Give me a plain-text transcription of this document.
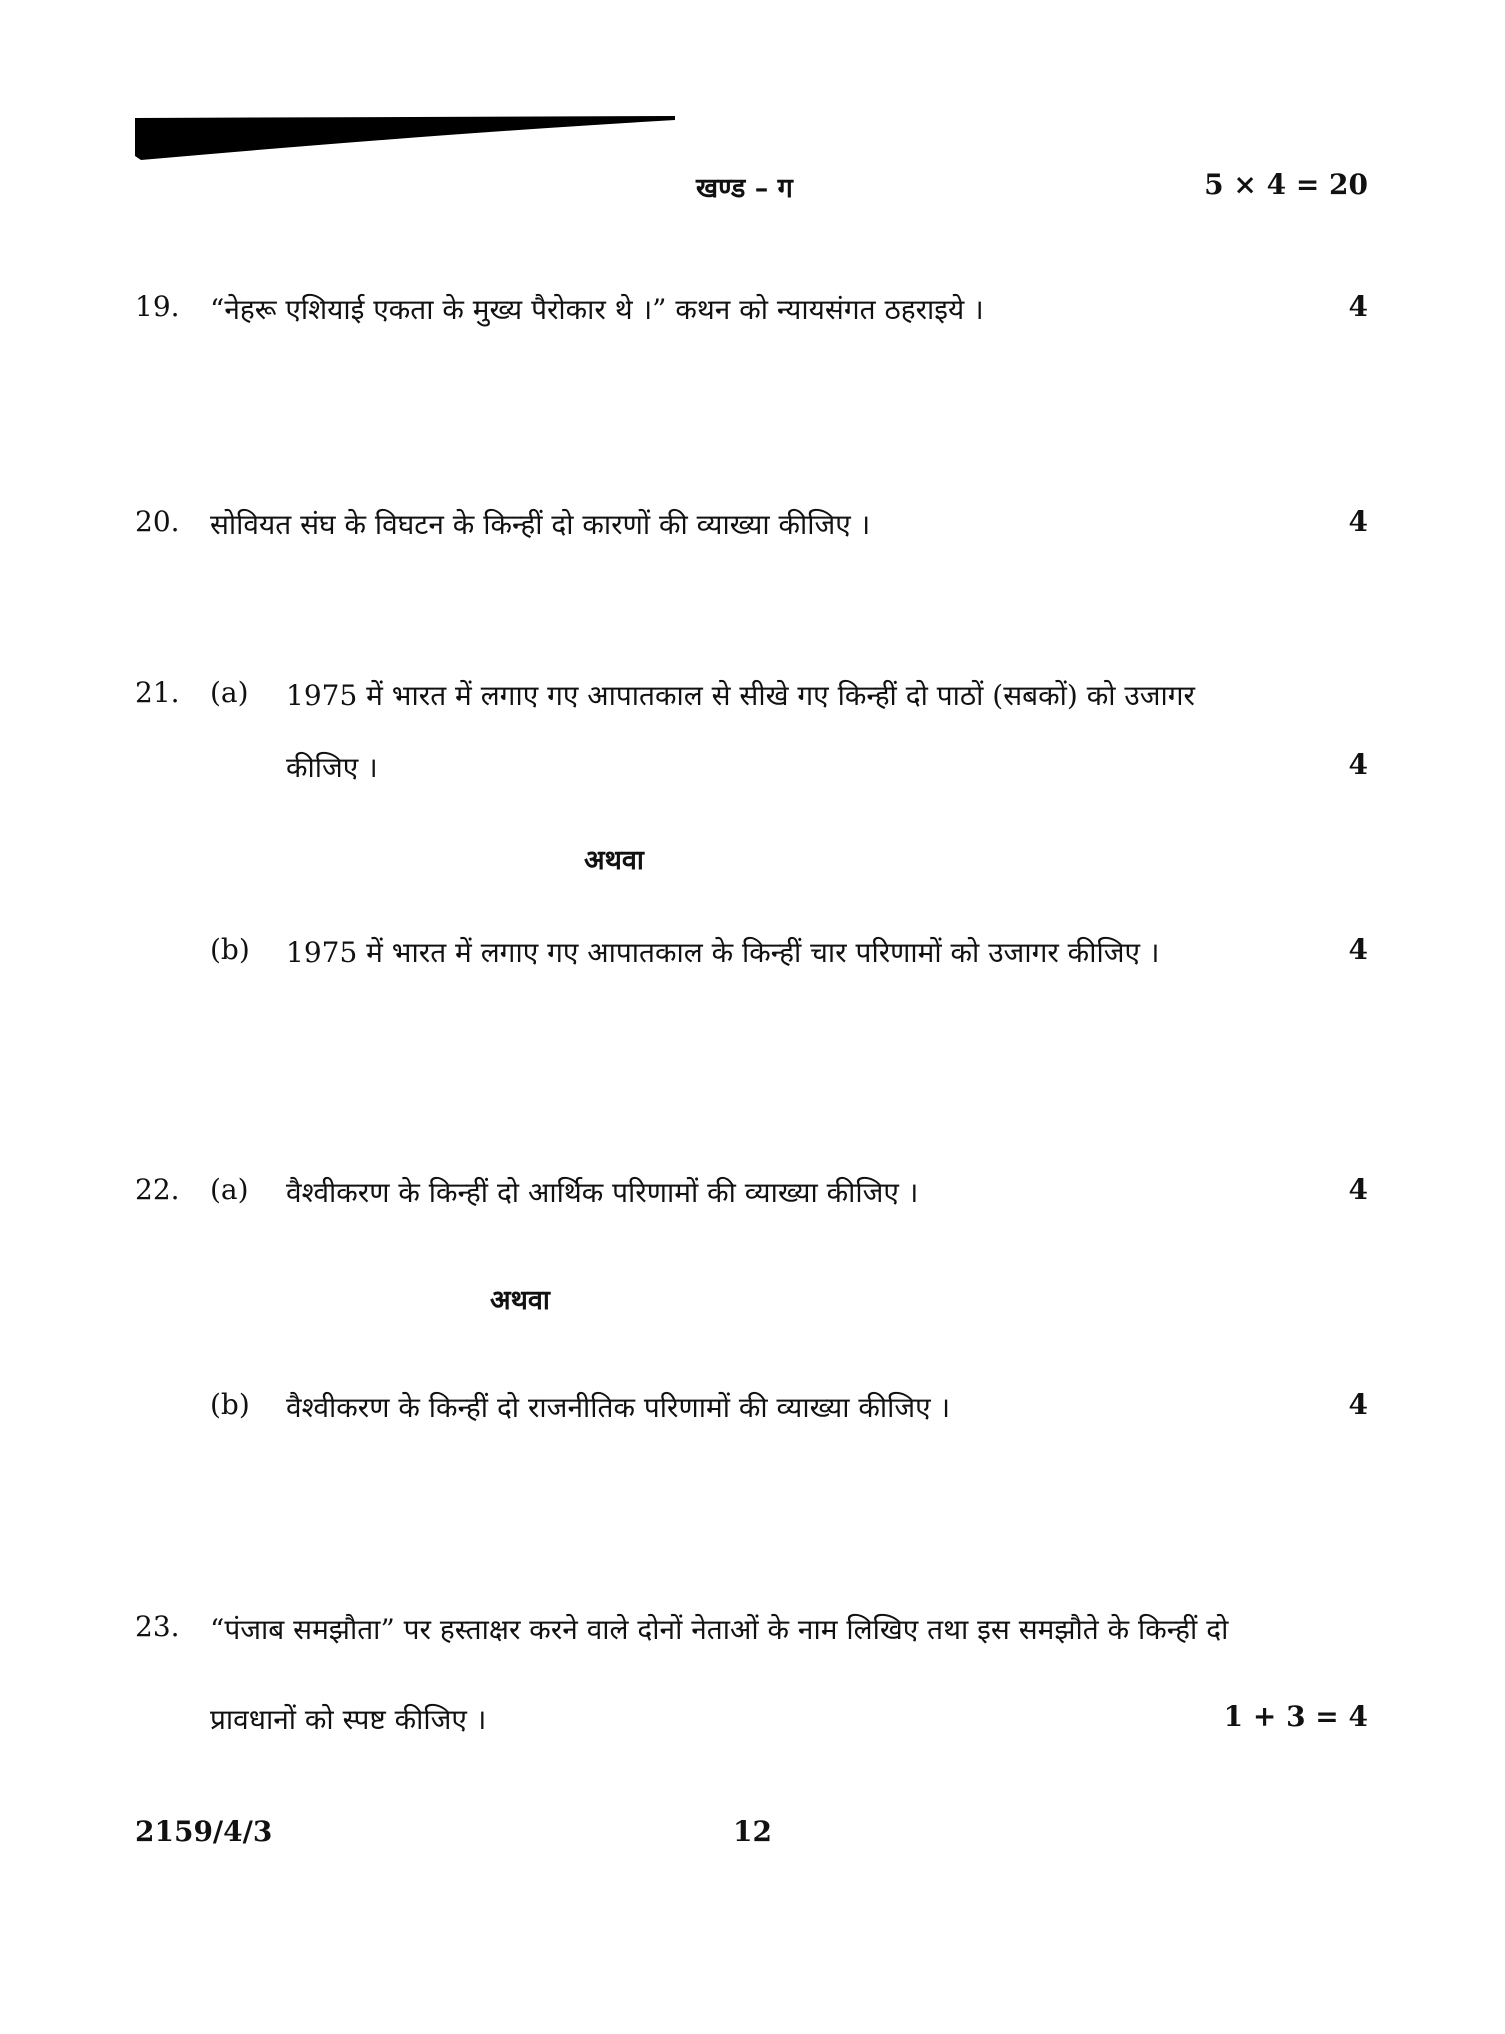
खण्ड – ग	5 × 4 = 20
19. “नेहरू एशियाई एकता के मुख्य पैरोकार थे ।” कथन को न्यायसंगत ठहराइये ।	4
20. सोवियत संघ के विघटन के किन्हीं दो कारणों की व्याख्या कीजिए ।	4
21. (a) 1975 में भारत में लगाए गए आपातकाल से सीखे गए किन्हीं दो पाठों (सबकों) को उजागर
कीजिए ।	4
अथवा
(b) 1975 में भारत में लगाए गए आपातकाल के किन्हीं चार परिणामों को उजागर कीजिए ।	4
22. (a) वैश्वीकरण के किन्हीं दो आर्थिक परिणामों की व्याख्या कीजिए ।	4
अथवा
(b) वैश्वीकरण के किन्हीं दो राजनीतिक परिणामों की व्याख्या कीजिए ।	4
23. “पंजाब समझौता” पर हस्ताक्षर करने वाले दोनों नेताओं के नाम लिखिए तथा इस समझौते के किन्हीं दो
प्रावधानों को स्पष्ट कीजिए ।	1 + 3 = 4
2159/4/3	12
